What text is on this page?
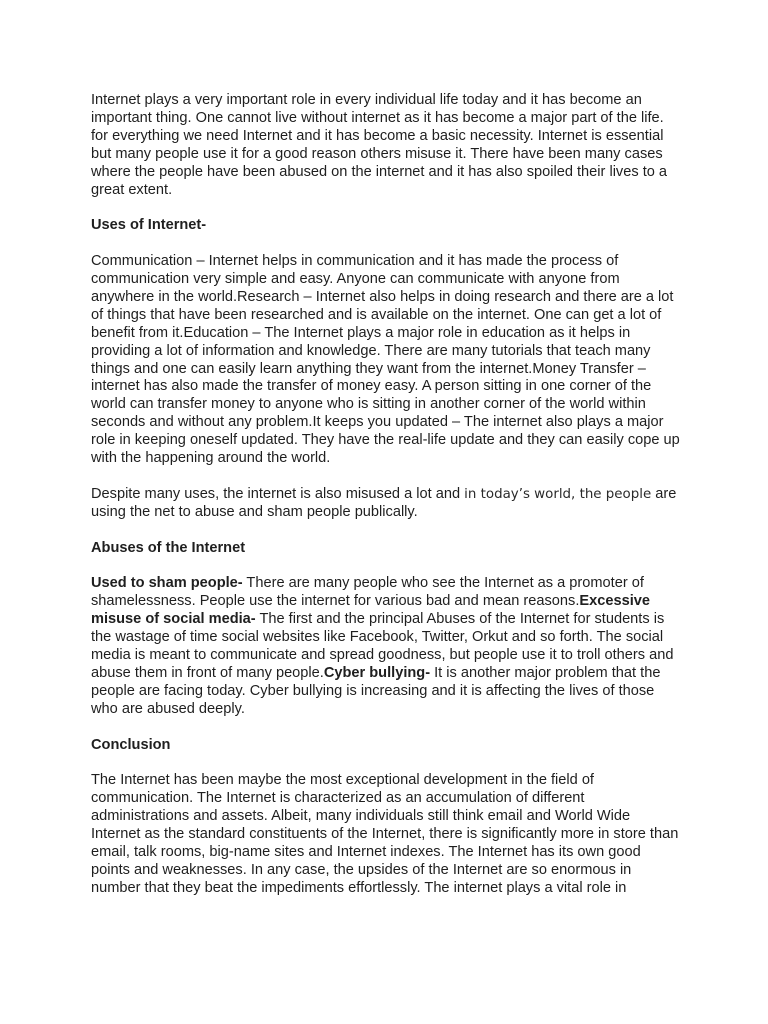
Internet plays a very important role in every individual life today and it has become an important thing. One cannot live without internet as it has become a major part of the life. for everything we need Internet and it has become a basic necessity. Internet is essential but many people use it for a good reason others misuse it. There have been many cases where the people have been abused on the internet and it has also spoiled their lives to a great extent.

Uses of Internet-

Communication – Internet helps in communication and it has made the process of communication very simple and easy. Anyone can communicate with anyone from anywhere in the world.Research – Internet also helps in doing research and there are a lot of things that have been researched and is available on the internet. One can get a lot of benefit from it.Education – The Internet plays a major role in education as it helps in providing a lot of information and knowledge. There are many tutorials that teach many things and one can easily learn anything they want from the internet.Money Transfer – internet has also made the transfer of money easy. A person sitting in one corner of the world can transfer money to anyone who is sitting in another corner of the world within seconds and without any problem.It keeps you updated – The internet also plays a major role in keeping oneself updated. They have the real-life update and they can easily cope up with the happening around the world.

Despite many uses, the internet is also misused a lot and in today’s world, the people are using the net to abuse and sham people publically.

Abuses of the Internet

Used to sham people- There are many people who see the Internet as a promoter of shamelessness. People use the internet for various bad and mean reasons.Excessive misuse of social media- The first and the principal Abuses of the Internet for students is the wastage of time social websites like Facebook, Twitter, Orkut and so forth. The social media is meant to communicate and spread goodness, but people use it to troll others and abuse them in front of many people.Cyber bullying- It is another major problem that the people are facing today. Cyber bullying is increasing and it is affecting the lives of those who are abused deeply.

Conclusion

The Internet has been maybe the most exceptional development in the field of communication. The Internet is characterized as an accumulation of different administrations and assets. Albeit, many individuals still think email and World Wide Internet as the standard constituents of the Internet, there is significantly more in store than email, talk rooms, big-name sites and Internet indexes. The Internet has its own good points and weaknesses. In any case, the upsides of the Internet are so enormous in number that they beat the impediments effortlessly. The internet plays a vital role in
